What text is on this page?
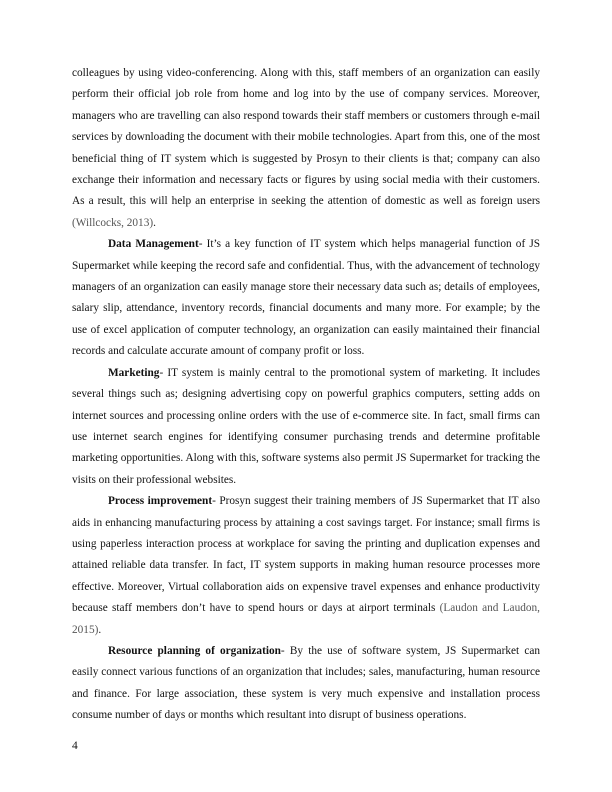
colleagues by using video-conferencing. Along with this, staff members of an organization can easily perform their official job role from home and log into by the use of company services. Moreover, managers who are travelling can also respond towards their staff members or customers through e-mail services by downloading the document with their mobile technologies. Apart from this, one of the most beneficial thing of IT system which is suggested by Prosyn to their clients is that; company can also exchange their information and necessary facts or figures by using social media with their customers. As a result, this will help an enterprise in seeking the attention of domestic as well as foreign users (Willcocks, 2013).

Data Management- It’s a key function of IT system which helps managerial function of JS Supermarket while keeping the record safe and confidential. Thus, with the advancement of technology managers of an organization can easily manage store their necessary data such as; details of employees, salary slip, attendance, inventory records, financial documents and many more. For example; by the use of excel application of computer technology, an organization can easily maintained their financial records and calculate accurate amount of company profit or loss.

Marketing- IT system is mainly central to the promotional system of marketing. It includes several things such as; designing advertising copy on powerful graphics computers, setting adds on internet sources and processing online orders with the use of e-commerce site. In fact, small firms can use internet search engines for identifying consumer purchasing trends and determine profitable marketing opportunities. Along with this, software systems also permit JS Supermarket for tracking the visits on their professional websites.

Process improvement- Prosyn suggest their training members of JS Supermarket that IT also aids in enhancing manufacturing process by attaining a cost savings target. For instance; small firms is using paperless interaction process at workplace for saving the printing and duplication expenses and attained reliable data transfer. In fact, IT system supports in making human resource processes more effective. Moreover, Virtual collaboration aids on expensive travel expenses and enhance productivity because staff members don’t have to spend hours or days at airport terminals (Laudon and Laudon, 2015).

Resource planning of organization- By the use of software system, JS Supermarket can easily connect various functions of an organization that includes; sales, manufacturing, human resource and finance. For large association, these system is very much expensive and installation process consume number of days or months which resultant into disrupt of business operations.

4
